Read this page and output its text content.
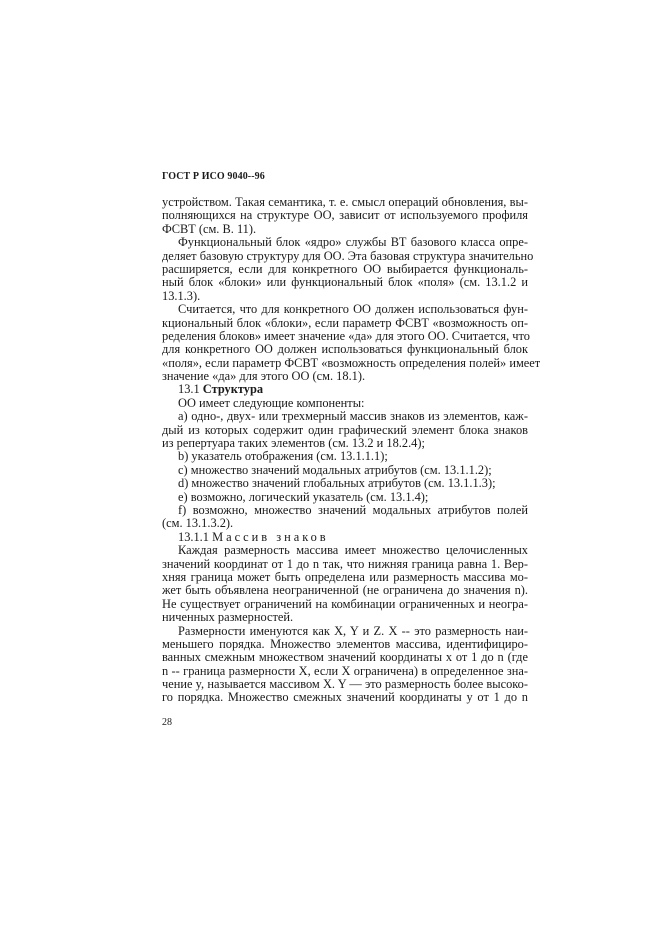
ГОСТ Р ИСО 9040--96
устройством. Такая семантика, т. е. смысл операций обновления, вы-
полняющихся на структуре ОО, зависит от используемого профиля
ФСВТ (см. В. 11).
Функциональный блок «ядро» службы ВТ базового класса опре-
деляет базовую структуру для ОО. Эта базовая структура значительно
расширяется, если для конкретного ОО выбирается функциональ-
ный блок «блоки» или функциональный блок «поля» (см. 13.1.2 и
13.1.3).
Считается, что для конкретного ОО должен использоваться фун-
кциональный блок «блоки», если параметр ФСВТ «возможность оп-
ределения блоков» имеет значение «да» для этого ОО. Считается, что
для конкретного ОО должен использоваться функциональный блок
«поля», если параметр ФСВТ «возможность определения полей» имеет
значение «да» для этого ОО (см. 18.1).
13.1 Структура
ОО имеет следующие компоненты:
а) одно-, двух- или трехмерный массив знаков из элементов, каж-
дый из которых содержит один графический элемент блока знаков
из репертуара таких элементов (см. 13.2 и 18.2.4);
b) указатель отображения (см. 13.1.1.1);
с) множество значений модальных атрибутов (см. 13.1.1.2);
d) множество значений глобальных атрибутов (см. 13.1.1.3);
е) возможно, логический указатель (см. 13.1.4);
f) возможно, множество значений модальных атрибутов полей
(см. 13.1.3.2).
13.1.1 Массив знаков
Каждая размерность массива имеет множество целочисленных
значений координат от 1 до n так, что нижняя граница равна 1. Вер-
хняя граница может быть определена или размерность массива мо-
жет быть объявлена неограниченной (не ограничена до значения n).
Не существует ограничений на комбинации ограниченных и неогра-
ниченных размерностей.
Размерности именуются как X, Y и Z. X -- это размерность наи-
меньшего порядка. Множество элементов массива, идентифициро-
ванных смежным множеством значений координаты x от 1 до n (где
n -- граница размерности X, если X ограничена) в определенное зна-
чение y, называется массивом X. Y — это размерность более высоко-
го порядка. Множество смежных значений координаты y от 1 до n
28
